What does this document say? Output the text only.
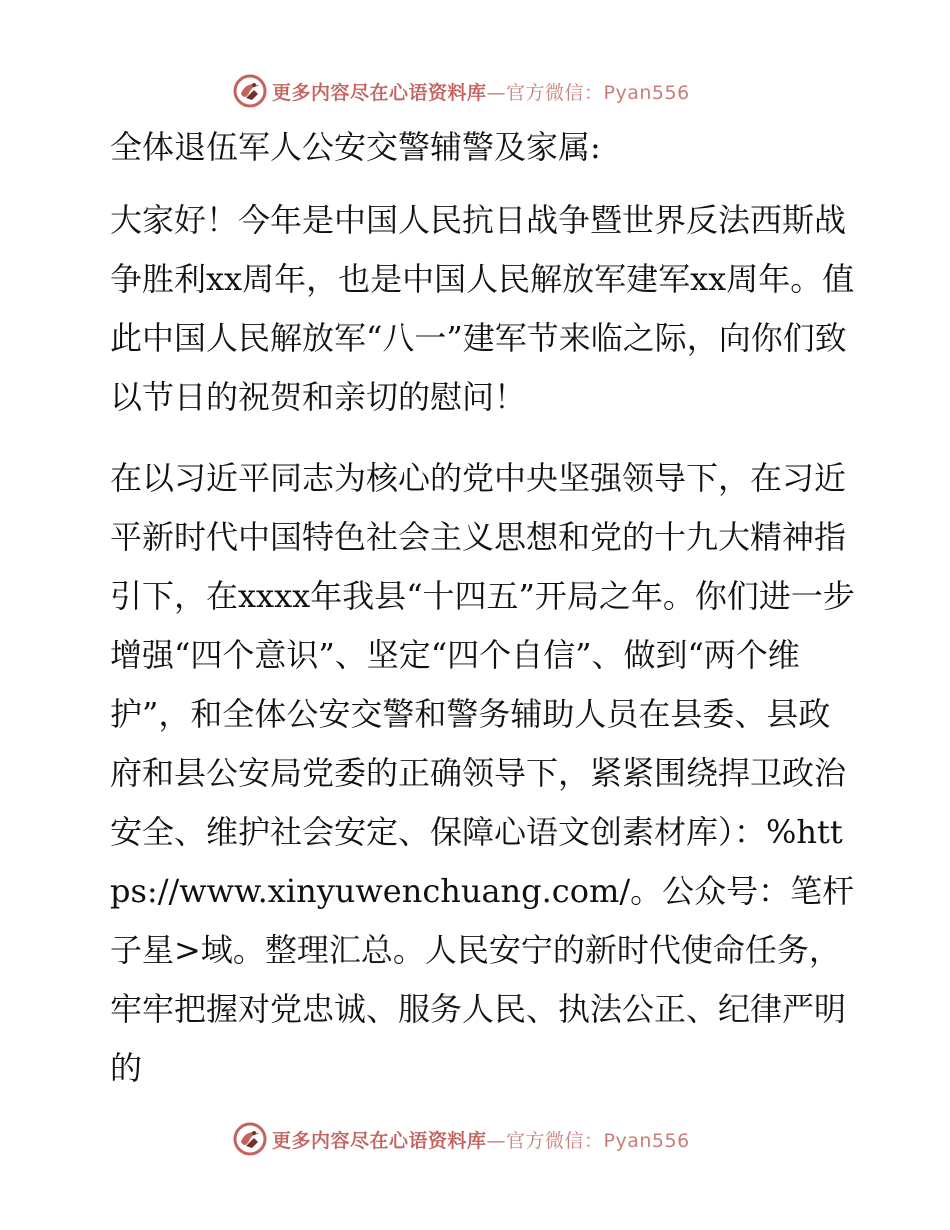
更多内容尽在心语资料库—官方微信：Pyan556

全体退伍军人公安交警辅警及家属:

大家好！今年是中国人民抗日战争暨世界反法西斯战争胜利xx周年，也是中国人民解放军建军xx周年。值此中国人民解放军“八一”建军节来临之际，向你们致以节日的祝贺和亲切的慰问！

在以习近平同志为核心的党中央坚强领导下，在习近平新时代中国特色社会主义思想和党的十九大精神指引下，在xxxx年我县“十四五”开局之年。你们进一步增强“四个意识”、坚定“四个自信”、做到“两个维护”，和全体公安交警和警务辅助人员在县委、县政府和县公安局党委的正确领导下，紧紧围绕捍卫政治安全、维护社会安定、保障心语文创素材库）：%https://www.xinyuwenchuang.com/。公众号：笔杆子星>域。整理汇总。人民安宁的新时代使命任务，牢牢把握对党忠诚、服务人民、执法公正、纪律严明的

更多内容尽在心语资料库—官方微信：Pyan556
